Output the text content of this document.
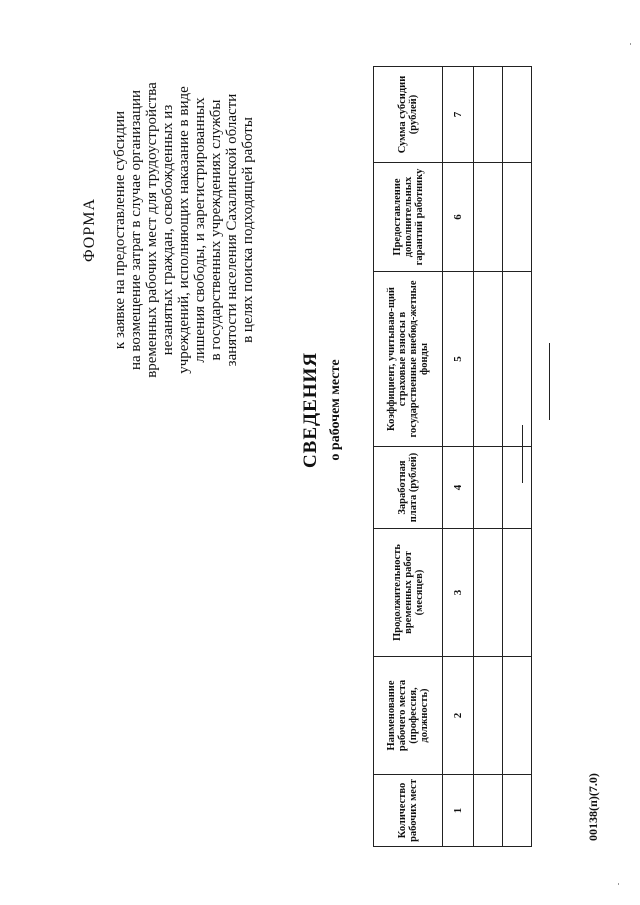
ФОРМА к заявке на предоставление субсидии на возмещение затрат в случае организации временных рабочих мест для трудоустройства незанятых граждан, освобожденных из учреждений, исполняющих наказание в виде лишения свободы, и зарегистрированных в государственных учреждениях службы занятости населения Сахалинской области в целях поиска подходящей работы
СВЕДЕНИЯ о рабочем месте
Количество рабочих мест	Наименование рабочего места (профессия, должность)	Продолжительность временных работ (месяцев)	Заработная плата (рублей)	Коэффициент, учитываю-щий страховые взносы в государственные внебюд-жетные фонды	Предоставление дополнительных гарантий работнику	Сумма субсидии (рублей)
1	2	3	4	5	6	7

00138(п)(7.0)
